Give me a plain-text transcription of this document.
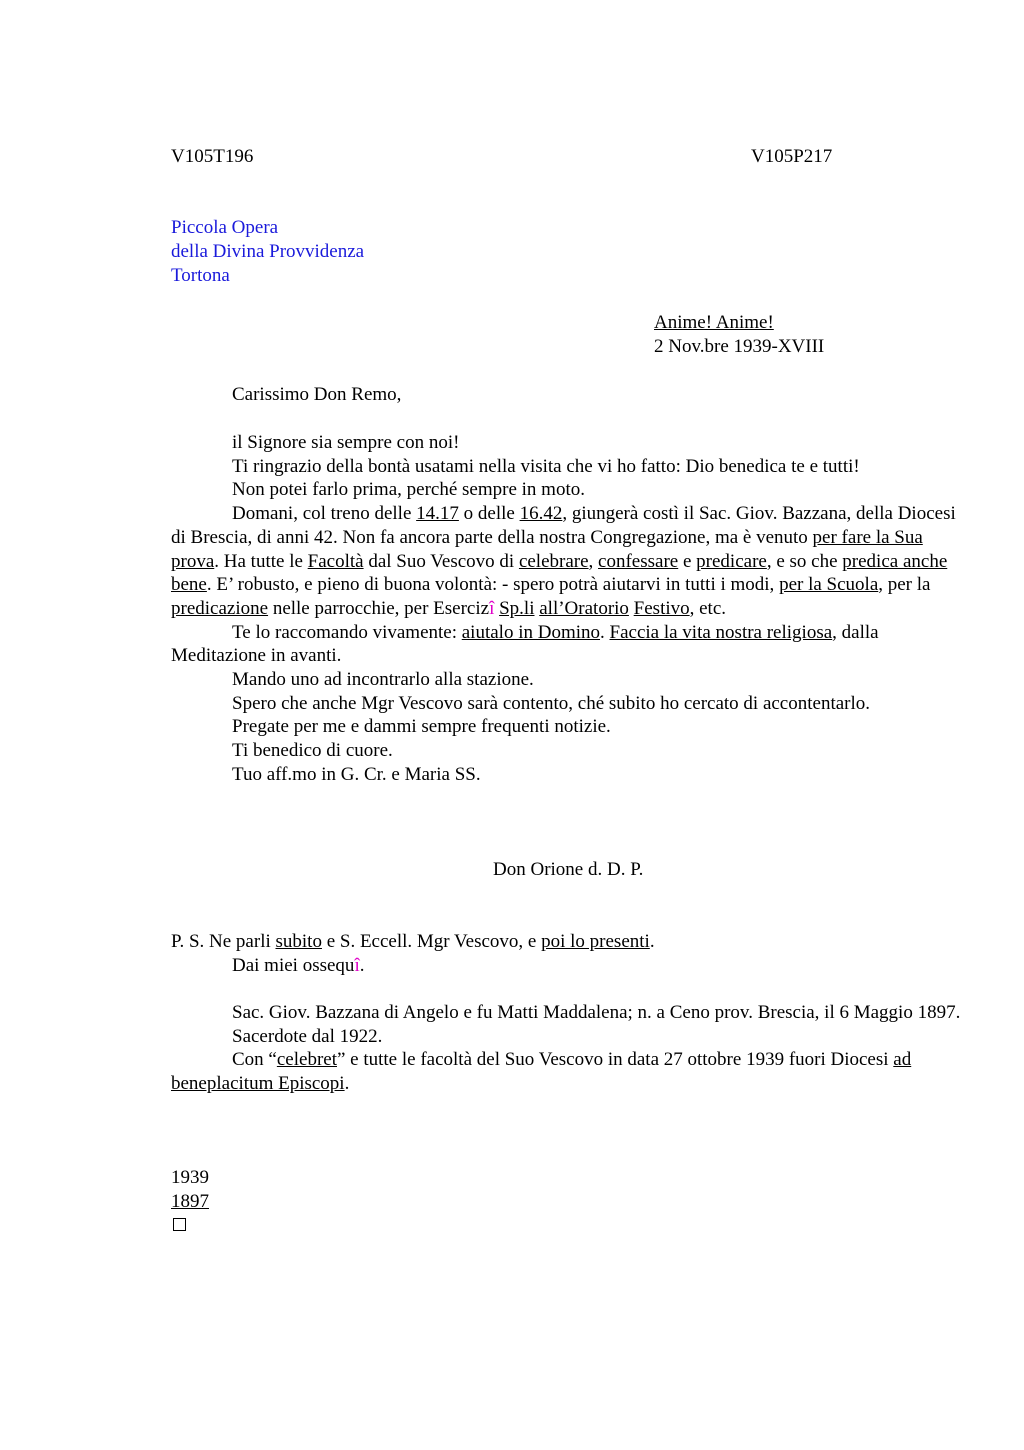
V105T196	V105P217
Piccola Opera
della Divina Provvidenza
Tortona
Anime! Anime!
2 Nov.bre 1939-XVIII
Carissimo Don Remo,

il Signore sia sempre con noi!

Ti ringrazio della bontà usatami nella visita che vi ho fatto: Dio benedica te e tutti!

Non potei farlo prima, perché sempre in moto.

Domani, col treno delle 14.17 o delle 16.42, giungerà costì il Sac. Giov. Bazzana, della Diocesi di Brescia, di anni 42. Non fa ancora parte della nostra Congregazione, ma è venuto per fare la Sua prova. Ha tutte le Facoltà dal Suo Vescovo di celebrare, confessare e predicare, e so che predica anche bene. E’ robusto, e pieno di buona volontà: - spero potrà aiutarvi in tutti i modi, per la Scuola, per la predicazione nelle parrocchie, per Esercizî Sp.li all’Oratorio Festivo, etc.

Te lo raccomando vivamente: aiutalo in Domino. Faccia la vita nostra religiosa, dalla Meditazione in avanti.

Mando uno ad incontrarlo alla stazione.

Spero che anche Mgr Vescovo sarà contento, ché subito ho cercato di accontentarlo.

Pregate per me e dammi sempre frequenti notizie.

Ti benedico di cuore.

Tuo aff.mo in G. Cr. e Maria SS.

Don Orione d. D. P.

P. S. Ne parli subito e S. Eccell. Mgr Vescovo, e poi lo presenti.

Dai miei ossequî.

Sac. Giov. Bazzana di Angelo e fu Matti Maddalena; n. a Ceno prov. Brescia, il 6 Maggio 1897.

Sacerdote dal 1922.

Con “celebret” e tutte le facoltà del Suo Vescovo in data 27 ottobre 1939 fuori Diocesi ad beneplacitum Episcopi.

1939
1897
